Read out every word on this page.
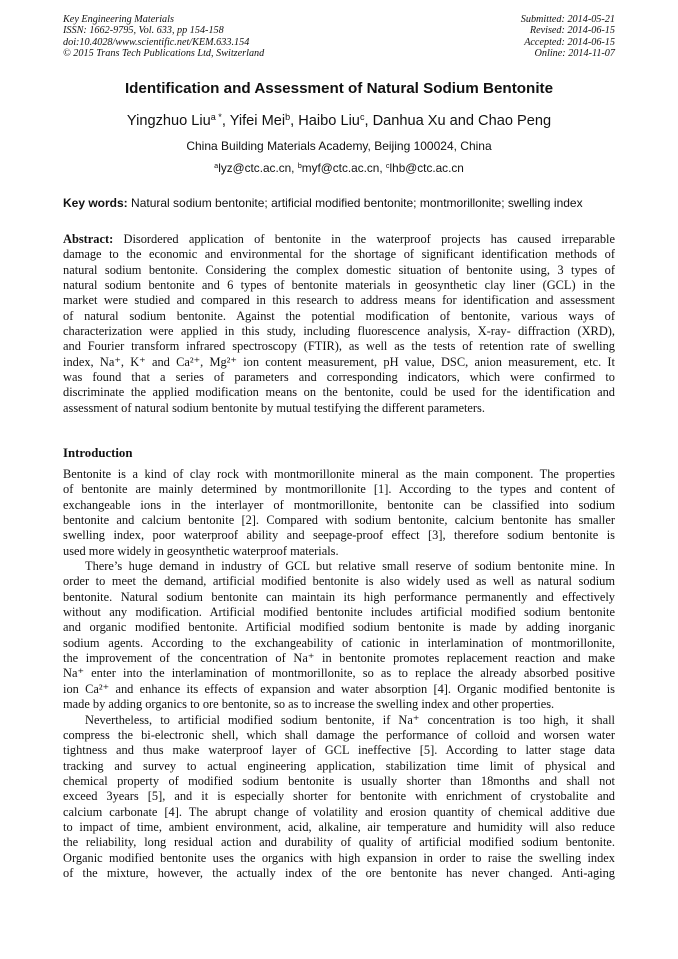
Key Engineering Materials
ISSN: 1662-9795, Vol. 633, pp 154-158
doi:10.4028/www.scientific.net/KEM.633.154
© 2015 Trans Tech Publications Ltd, Switzerland
Submitted: 2014-05-21
Revised: 2014-06-15
Accepted: 2014-06-15
Online: 2014-11-07
Identification and Assessment of Natural Sodium Bentonite
Yingzhuo Liu$^{a *}$, Yifei Mei$^b$, Haibo Liu$^c$, Danhua Xu and Chao Peng
China Building Materials Academy, Beijing 100024, China
$^a$lyz@ctc.ac.cn, $^b$myf@ctc.ac.cn, $^c$lhb@ctc.ac.cn
Key words: Natural sodium bentonite; artificial modified bentonite; montmorillonite; swelling index
Abstract: Disordered application of bentonite in the waterproof projects has caused irreparable
damage to the economic and environmental for the shortage of significant identification methods of
natural sodium bentonite. Considering the complex domestic situation of bentonite using, 3 types of
natural sodium bentonite and 6 types of bentonite materials in geosynthetic clay liner (GCL) in the
market were studied and compared in this research to address means for identification and assessment
of natural sodium bentonite. Against the potential modification of bentonite, various ways of
characterization were applied in this study, including fluorescence analysis, X-ray- diffraction (XRD),
and Fourier transform infrared spectroscopy (FTIR), as well as the tests of retention rate of swelling
index, Na⁺, K⁺ and Ca²⁺, Mg²⁺ ion content measurement, pH value, DSC, anion measurement, etc. It
was found that a series of parameters and corresponding indicators, which were confirmed to
discriminate the applied modification means on the bentonite, could be used for the identification and
assessment of natural sodium bentonite by mutual testifying the different parameters.
Introduction
Bentonite is a kind of clay rock with montmorillonite mineral as the main component. The properties
of bentonite are mainly determined by montmorillonite [1]. According to the types and content of
exchangeable ions in the interlayer of montmorillonite, bentonite can be classified into sodium
bentonite and calcium bentonite [2]. Compared with sodium bentonite, calcium bentonite has smaller
swelling index, poor waterproof ability and seepage-proof effect [3], therefore sodium bentonite is
used more widely in geosynthetic waterproof materials.
There’s huge demand in industry of GCL but relative small reserve of sodium bentonite mine. In
order to meet the demand, artificial modified bentonite is also widely used as well as natural sodium
bentonite. Natural sodium bentonite can maintain its high performance permanently and effectively
without any modification. Artificial modified bentonite includes artificial modified sodium bentonite
and organic modified bentonite. Artificial modified sodium bentonite is made by adding inorganic
sodium agents. According to the exchangeability of cationic in interlamination of montmorillonite,
the improvement of the concentration of Na⁺ in bentonite promotes replacement reaction and make
Na⁺ enter into the interlamination of montmorillonite, so as to replace the already absorbed positive
ion Ca²⁺ and enhance its effects of expansion and water absorption [4]. Organic modified bentonite is
made by adding organics to ore bentonite, so as to increase the swelling index and other properties.
Nevertheless, to artificial modified sodium bentonite, if Na⁺ concentration is too high, it shall
compress the bi-electronic shell, which shall damage the performance of colloid and worsen water
tightness and thus make waterproof layer of GCL ineffective [5]. According to latter stage data
tracking and survey to actual engineering application, stabilization time limit of physical and
chemical property of modified sodium bentonite is usually shorter than 18months and shall not
exceed 3years [5], and it is especially shorter for bentonite with enrichment of crystobalite and
calcium carbonate [4]. The abrupt change of volatility and erosion quantity of chemical additive due
to impact of time, ambient environment, acid, alkaline, air temperature and humidity will also reduce
the reliability, long residual action and durability of quality of artificial modified sodium bentonite.
Organic modified bentonite uses the organics with high expansion in order to raise the swelling index
of the mixture, however, the actually index of the ore bentonite has never changed. Anti-aging
